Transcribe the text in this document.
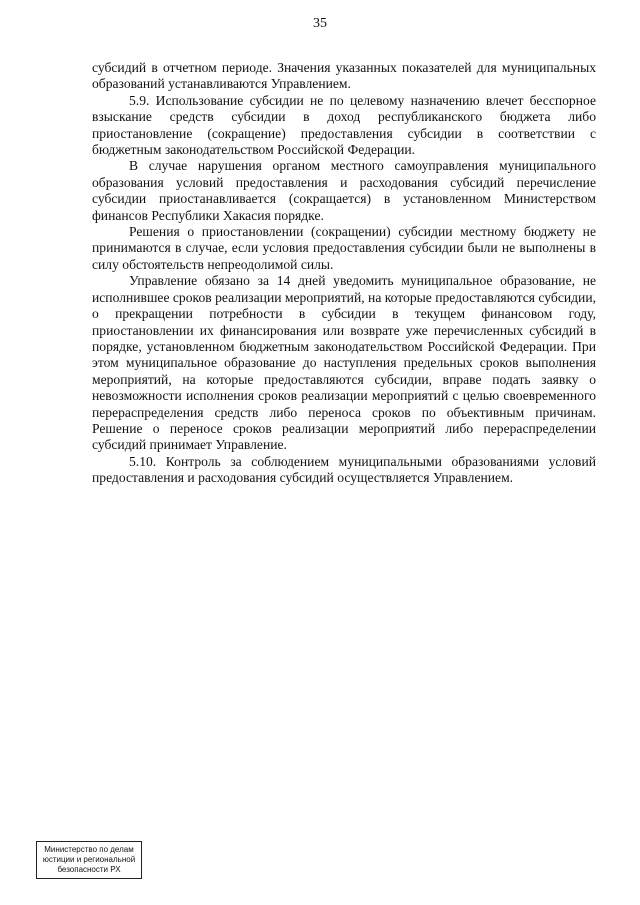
35

субсидий в отчетном периоде. Значения указанных показателей для муниципальных образований устанавливаются Управлением.

5.9. Использование субсидии не по целевому назначению влечет бесспорное взыскание средств субсидии в доход республиканского бюджета либо приостановление (сокращение) предоставления субсидии в соответствии с бюджетным законодательством Российской Федерации.

В случае нарушения органом местного самоуправления муниципального образования условий предоставления и расходования субсидий перечисление субсидии приостанавливается (сокращается) в установленном Министерством финансов Республики Хакасия порядке.

Решения о приостановлении (сокращении) субсидии местному бюджету не принимаются в случае, если условия предоставления субсидии были не выполнены в силу обстоятельств непреодолимой силы.

Управление обязано за 14 дней уведомить муниципальное образование, не исполнившее сроков реализации мероприятий, на которые предоставляются субсидии, о прекращении потребности в субсидии в текущем финансовом году, приостановлении их финансирования или возврате уже перечисленных субсидий в порядке, установленном бюджетным законодательством Российской Федерации. При этом муниципальное образование до наступления предельных сроков выполнения мероприятий, на которые предоставляются субсидии, вправе подать заявку о невозможности исполнения сроков реализации мероприятий с целью своевременного перераспределения средств либо переноса сроков по объективным причинам. Решение о переносе сроков реализации мероприятий либо перераспределении субсидий принимает Управление.

5.10. Контроль за соблюдением муниципальными образованиями условий предоставления и расходования субсидий осуществляется Управлением.

Министерство по делам
юстиции и региональной
безопасности РХ
